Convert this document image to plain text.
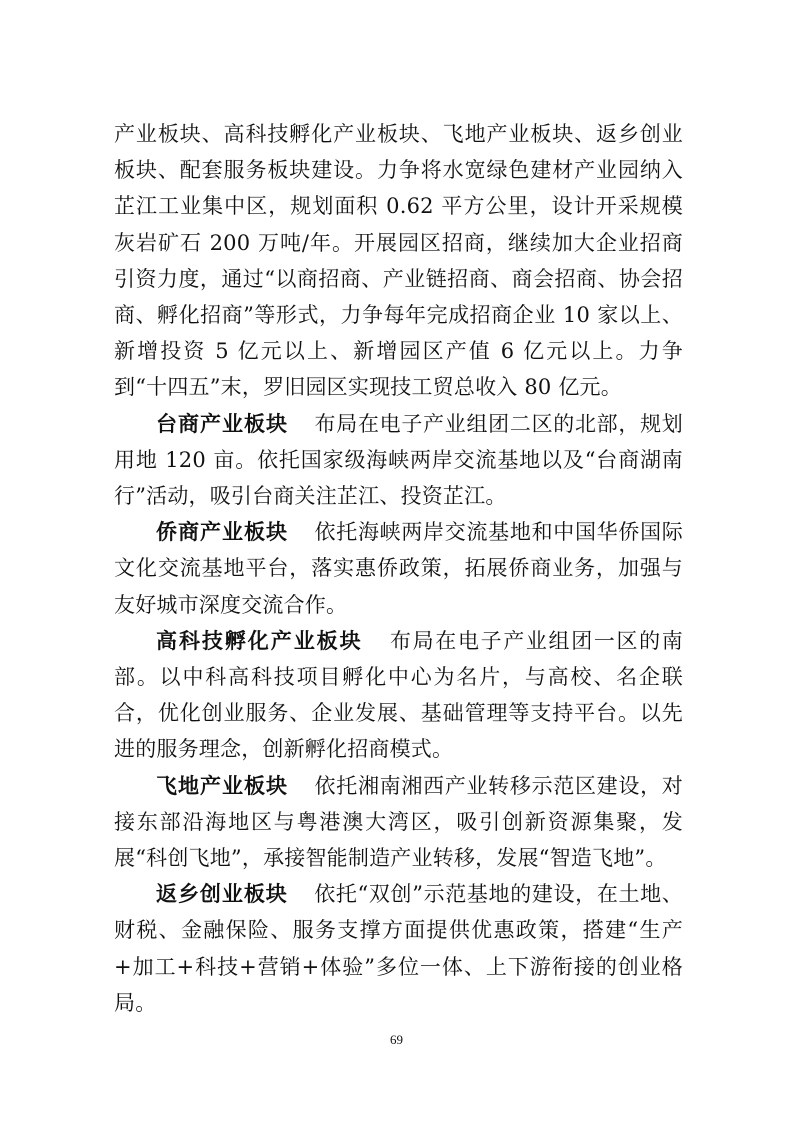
产业板块、高科技孵化产业板块、飞地产业板块、返乡创业板块、配套服务板块建设。力争将水宽绿色建材产业园纳入芷江工业集中区，规划面积 0.62 平方公里，设计开采规模灰岩矿石 200 万吨/年。开展园区招商，继续加大企业招商引资力度，通过“以商招商、产业链招商、商会招商、协会招商、孵化招商”等形式，力争每年完成招商企业 10 家以上、新增投资 5 亿元以上、新增园区产值 6 亿元以上。力争到“十四五”末，罗旧园区实现技工贸总收入 80 亿元。

台商产业板块 布局在电子产业组团二区的北部，规划用地 120 亩。依托国家级海峡两岸交流基地以及“台商湖南行”活动，吸引台商关注芷江、投资芷江。

侨商产业板块 依托海峡两岸交流基地和中国华侨国际文化交流基地平台，落实惠侨政策，拓展侨商业务，加强与友好城市深度交流合作。

高科技孵化产业板块 布局在电子产业组团一区的南部。以中科高科技项目孵化中心为名片，与高校、名企联合，优化创业服务、企业发展、基础管理等支持平台。以先进的服务理念，创新孵化招商模式。

飞地产业板块 依托湘南湘西产业转移示范区建设，对接东部沿海地区与粤港澳大湾区，吸引创新资源集聚，发展“科创飞地”，承接智能制造产业转移，发展“智造飞地”。

返乡创业板块 依托“双创”示范基地的建设，在土地、财税、金融保险、服务支撑方面提供优惠政策，搭建“生产+加工+科技+营销+体验”多位一体、上下游衔接的创业格局。

69
